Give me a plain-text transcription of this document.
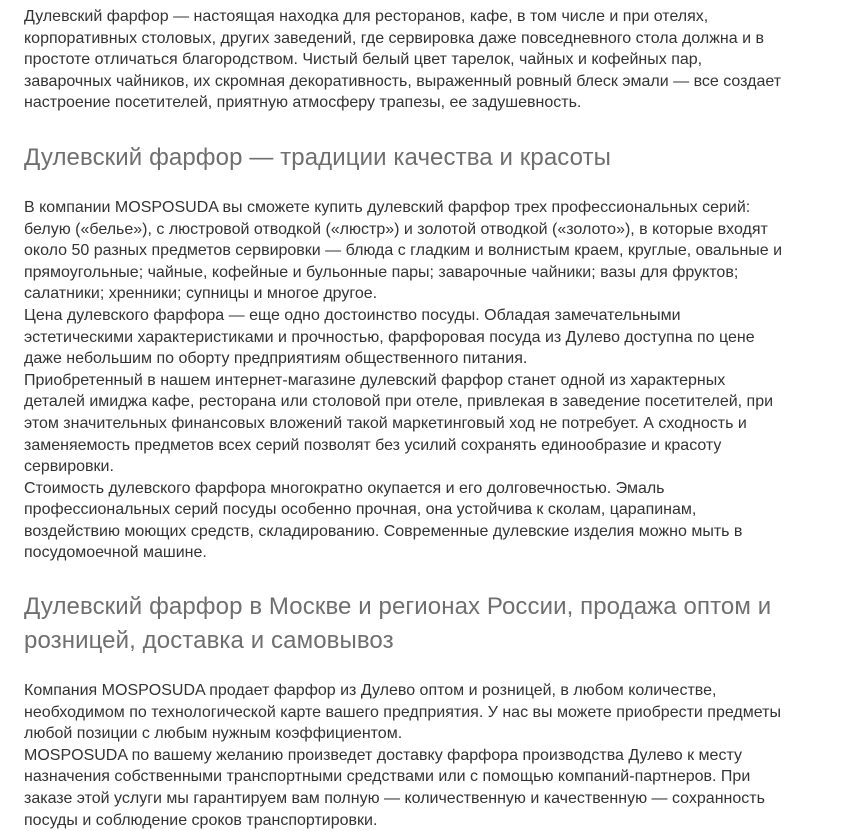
Дулевский фарфор — настоящая находка для ресторанов, кафе, в том числе и при отелях, корпоративных столовых, других заведений, где сервировка даже повседневного стола должна и в простоте отличаться благородством. Чистый белый цвет тарелок, чайных и кофейных пар, заварочных чайников, их скромная декоративность, выраженный ровный блеск эмали — все создает настроение посетителей, приятную атмосферу трапезы, ее задушевность.

Дулевский фарфор — традиции качества и красоты

В компании MOSPOSUDA вы сможете купить дулевский фарфор трех профессиональных серий: белую («белье»), с люстровой отводкой («люстр») и золотой отводкой («золото»), в которые входят около 50 разных предметов сервировки — блюда с гладким и волнистым краем, круглые, овальные и прямоугольные; чайные, кофейные и бульонные пары; заварочные чайники; вазы для фруктов; салатники; хренники; супницы и многое другое.

Цена дулевского фарфора — еще одно достоинство посуды. Обладая замечательными эстетическими характеристиками и прочностью, фарфоровая посуда из Дулево доступна по цене даже небольшим по оборту предприятиям общественного питания.

Приобретенный в нашем интернет-магазине дулевский фарфор станет одной из характерных деталей имиджа кафе, ресторана или столовой при отеле, привлекая в заведение посетителей, при этом значительных финансовых вложений такой маркетинговый ход не потребует. А сходность и заменяемость предметов всех серий позволят без усилий сохранять единообразие и красоту сервировки.

Стоимость дулевского фарфора многократно окупается и его долговечностью. Эмаль профессиональных серий посуды особенно прочная, она устойчива к сколам, царапинам, воздействию моющих средств, складированию. Современные дулевские изделия можно мыть в посудомоечной машине.

Дулевский фарфор в Москве и регионах России, продажа оптом и розницей, доставка и самовывоз

Компания MOSPOSUDA продает фарфор из Дулево оптом и розницей, в любом количестве, необходимом по технологической карте вашего предприятия. У нас вы можете приобрести предметы любой позиции с любым нужным коэффициентом.

MOSPOSUDA по вашему желанию произведет доставку фарфора производства Дулево к месту назначения собственными транспортными средствами или с помощью компаний-партнеров. При заказе этой услуги мы гарантируем вам полную — количественную и качественную — сохранность посуды и соблюдение сроков транспортировки.
